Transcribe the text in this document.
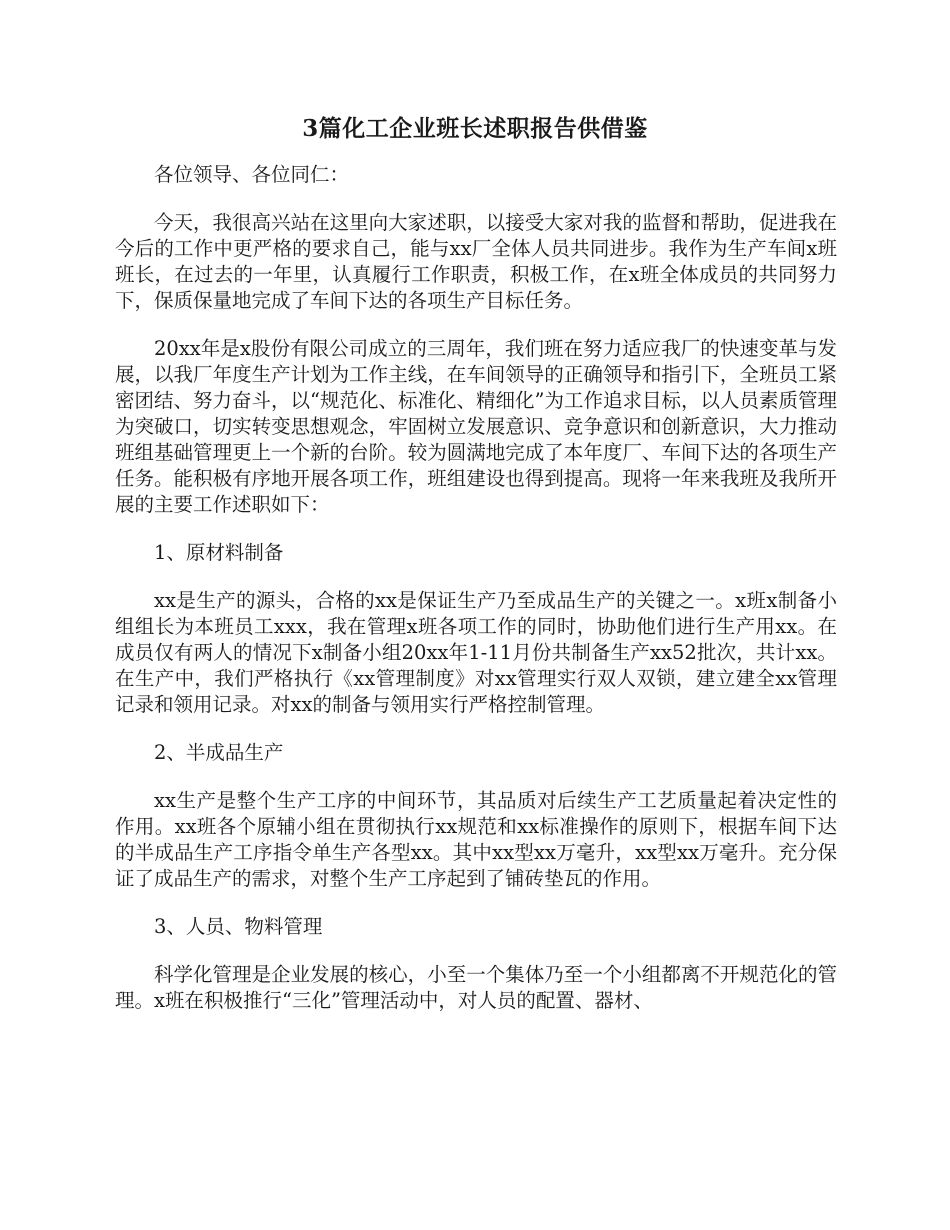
3篇化工企业班长述职报告供借鉴

各位领导、各位同仁：

今天，我很高兴站在这里向大家述职，以接受大家对我的监督和帮助，促进我在今后的工作中更严格的要求自己，能与xx厂全体人员共同进步。我作为生产车间x班班长，在过去的一年里，认真履行工作职责，积极工作，在x班全体成员的共同努力下，保质保量地完成了车间下达的各项生产目标任务。

20xx年是x股份有限公司成立的三周年，我们班在努力适应我厂的快速变革与发展，以我厂年度生产计划为工作主线，在车间领导的正确领导和指引下，全班员工紧密团结、努力奋斗，以“规范化、标准化、精细化”为工作追求目标，以人员素质管理为突破口，切实转变思想观念，牢固树立发展意识、竞争意识和创新意识，大力推动班组基础管理更上一个新的台阶。较为圆满地完成了本年度厂、车间下达的各项生产任务。能积极有序地开展各项工作，班组建设也得到提高。现将一年来我班及我所开展的主要工作述职如下：

1、原材料制备

xx是生产的源头，合格的xx是保证生产乃至成品生产的关键之一。x班x制备小组组长为本班员工xxx，我在管理x班各项工作的同时，协助他们进行生产用xx。在成员仅有两人的情况下x制备小组20xx年1-11月份共制备生产xx52批次，共计xx。在生产中，我们严格执行《xx管理制度》对xx管理实行双人双锁，建立建全xx管理记录和领用记录。对xx的制备与领用实行严格控制管理。

2、半成品生产

xx生产是整个生产工序的中间环节，其品质对后续生产工艺质量起着决定性的作用。xx班各个原辅小组在贯彻执行xx规范和xx标准操作的原则下，根据车间下达的半成品生产工序指令单生产各型xx。其中xx型xx万毫升，xx型xx万毫升。充分保证了成品生产的需求，对整个生产工序起到了铺砖垫瓦的作用。

3、人员、物料管理

科学化管理是企业发展的核心，小至一个集体乃至一个小组都离不开规范化的管理。x班在积极推行“三化”管理活动中，对人员的配置、器材、
